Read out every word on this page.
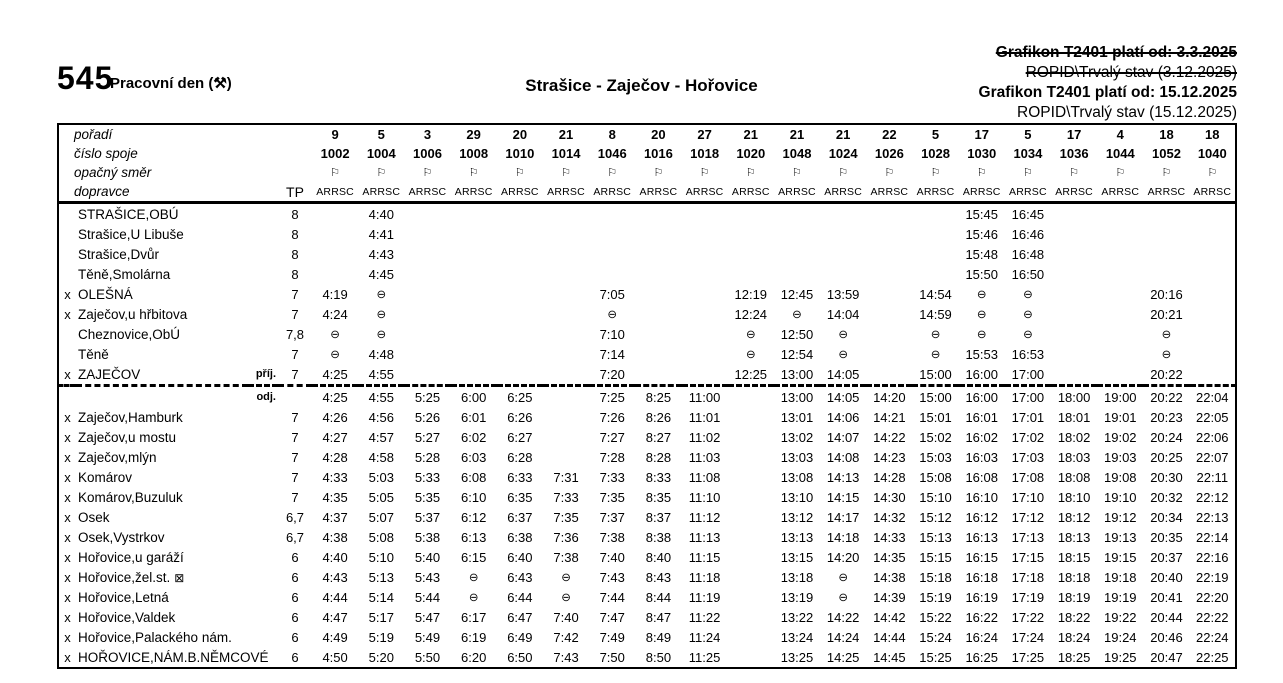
545
Pracovní den (⚒)	Strašice - Zaječov - Hořovice
Grafikon T2401 platí od: 3.3.2025
ROPID\Trvalý stav (3.12.2025)
Grafikon T2401 platí od: 15.12.2025
ROPID\Trvalý stav (15.12.2025)
pořadí				9	5	3	29	20	21	8	20	27	21	21	21	22	5	17	5	17	4	18	18
číslo spoje				1002	1004	1006	1008	1010	1014	1046	1016	1018	1020	1048	1024	1026	1028	1030	1034	1036	1044	1052	1040
opačný směr				⚐	⚐	⚐	⚐	⚐	⚐	⚐	⚐	⚐	⚐	⚐	⚐	⚐	⚐	⚐	⚐	⚐	⚐	⚐	⚐
dopravce			TP	ARRSC	ARRSC	ARRSC	ARRSC	ARRSC	ARRSC	ARRSC	ARRSC	ARRSC	ARRSC	ARRSC	ARRSC	ARRSC	ARRSC	ARRSC	ARRSC	ARRSC	ARRSC	ARRSC	ARRSC
	STRAŠICE,OBÚ		8		4:40													15:45	16:45				
	Strašice,U Libuše		8		4:41													15:46	16:46				
	Strašice,Dvůr		8		4:43													15:48	16:48				
	Těně,Smolárna		8		4:45													15:50	16:50				
x	OLEŠNÁ		7	4:19	⊖					7:05			12:19	12:45	13:59		14:54	⊖	⊖			20:16	
x	Zaječov,u hřbitova		7	4:24	⊖					⊖			12:24	⊖	14:04		14:59	⊖	⊖			20:21	
	Cheznovice,ObÚ		7,8	⊖	⊖					7:10			⊖	12:50	⊖		⊖	⊖	⊖			⊖	
	Těně		7	⊖	4:48					7:14			⊖	12:54	⊖		⊖	15:53	16:53			⊖	
x	ZAJEČOV	příj.	7	4:25	4:55					7:20			12:25	13:00	14:05		15:00	16:00	17:00			20:22	
		odj.		4:25	4:55	5:25	6:00	6:25		7:25	8:25	11:00		13:00	14:05	14:20	15:00	16:00	17:00	18:00	19:00	20:22	22:04
x	Zaječov,Hamburk		7	4:26	4:56	5:26	6:01	6:26		7:26	8:26	11:01		13:01	14:06	14:21	15:01	16:01	17:01	18:01	19:01	20:23	22:05
x	Zaječov,u mostu		7	4:27	4:57	5:27	6:02	6:27		7:27	8:27	11:02		13:02	14:07	14:22	15:02	16:02	17:02	18:02	19:02	20:24	22:06
x	Zaječov,mlýn		7	4:28	4:58	5:28	6:03	6:28		7:28	8:28	11:03		13:03	14:08	14:23	15:03	16:03	17:03	18:03	19:03	20:25	22:07
x	Komárov		7	4:33	5:03	5:33	6:08	6:33	7:31	7:33	8:33	11:08		13:08	14:13	14:28	15:08	16:08	17:08	18:08	19:08	20:30	22:11
x	Komárov,Buzuluk		7	4:35	5:05	5:35	6:10	6:35	7:33	7:35	8:35	11:10		13:10	14:15	14:30	15:10	16:10	17:10	18:10	19:10	20:32	22:12
x	Osek		6,7	4:37	5:07	5:37	6:12	6:37	7:35	7:37	8:37	11:12		13:12	14:17	14:32	15:12	16:12	17:12	18:12	19:12	20:34	22:13
x	Osek,Vystrkov		6,7	4:38	5:08	5:38	6:13	6:38	7:36	7:38	8:38	11:13		13:13	14:18	14:33	15:13	16:13	17:13	18:13	19:13	20:35	22:14
x	Hořovice,u garáží		6	4:40	5:10	5:40	6:15	6:40	7:38	7:40	8:40	11:15		13:15	14:20	14:35	15:15	16:15	17:15	18:15	19:15	20:37	22:16
x	Hořovice,žel.st. ⊠		6	4:43	5:13	5:43	⊖	6:43	⊖	7:43	8:43	11:18		13:18	⊖	14:38	15:18	16:18	17:18	18:18	19:18	20:40	22:19
x	Hořovice,Letná		6	4:44	5:14	5:44	⊖	6:44	⊖	7:44	8:44	11:19		13:19	⊖	14:39	15:19	16:19	17:19	18:19	19:19	20:41	22:20
x	Hořovice,Valdek		6	4:47	5:17	5:47	6:17	6:47	7:40	7:47	8:47	11:22		13:22	14:22	14:42	15:22	16:22	17:22	18:22	19:22	20:44	22:22
x	Hořovice,Palackého nám.		6	4:49	5:19	5:49	6:19	6:49	7:42	7:49	8:49	11:24		13:24	14:24	14:44	15:24	16:24	17:24	18:24	19:24	20:46	22:24
x	HOŘOVICE,NÁM.B.NĚMCOVÉ		6	4:50	5:20	5:50	6:20	6:50	7:43	7:50	8:50	11:25		13:25	14:25	14:45	15:25	16:25	17:25	18:25	19:25	20:47	22:25
